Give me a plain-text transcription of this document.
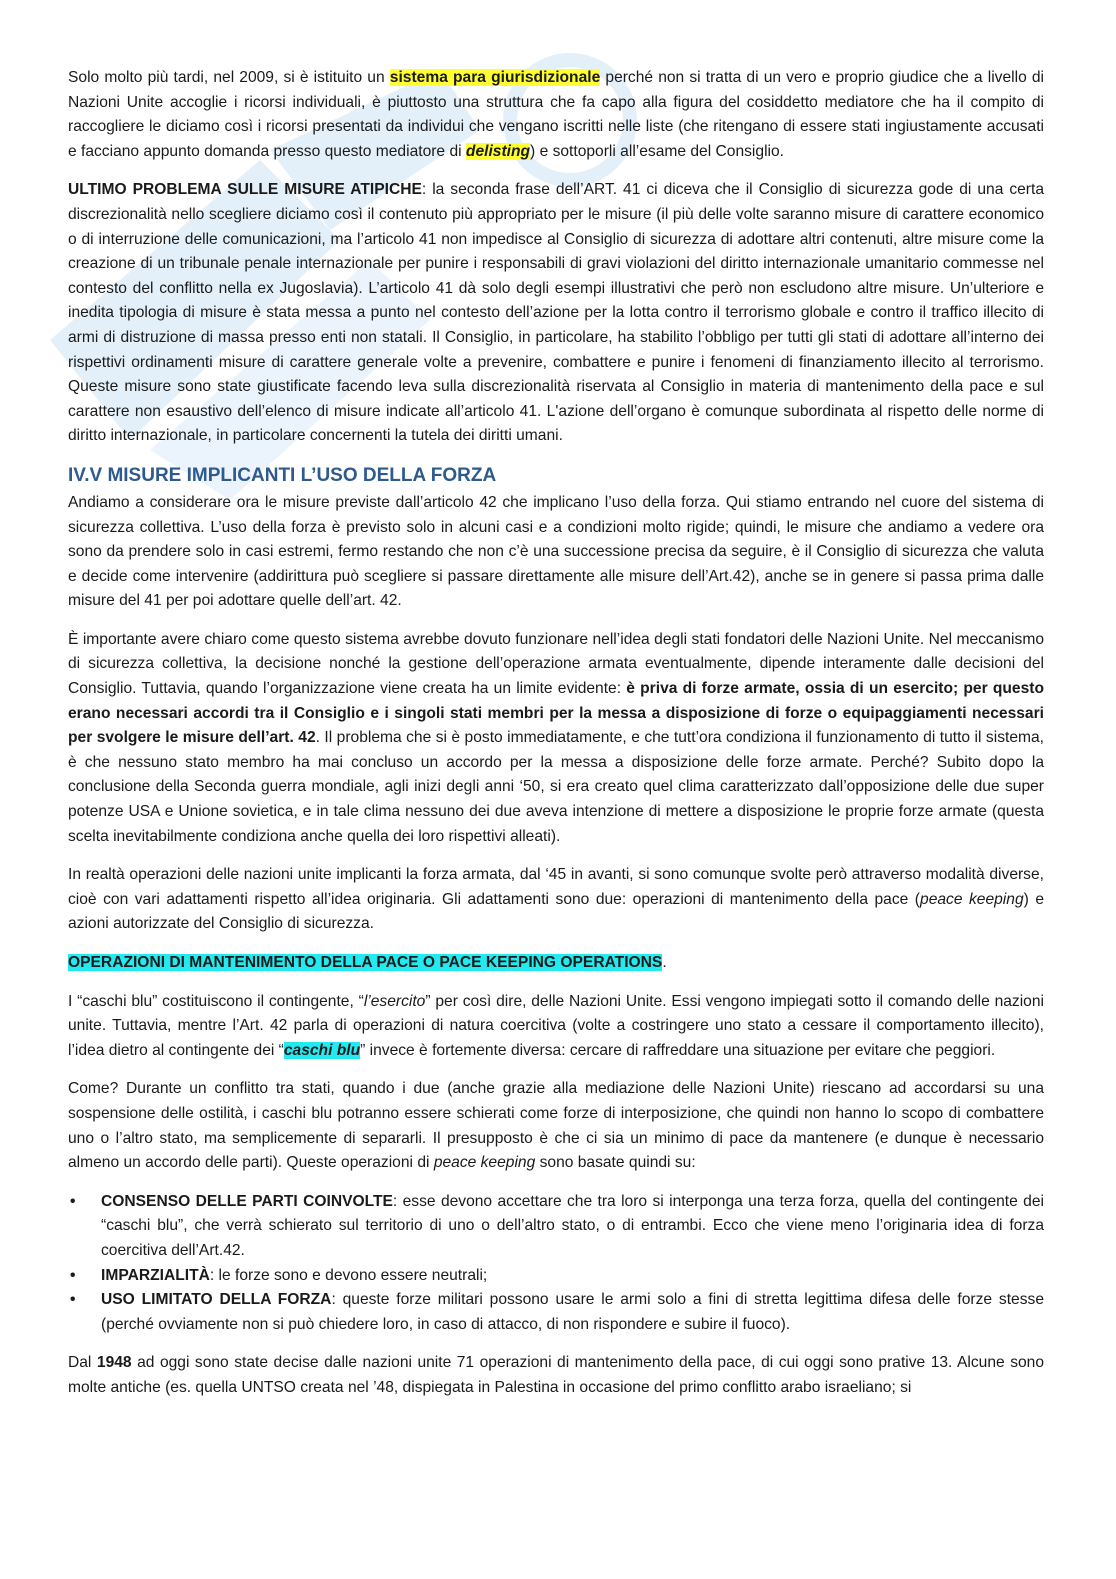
Solo molto più tardi, nel 2009, si è istituito un sistema para giurisdizionale perché non si tratta di un vero e proprio giudice che a livello di Nazioni Unite accoglie i ricorsi individuali, è piuttosto una struttura che fa capo alla figura del cosiddetto mediatore che ha il compito di raccogliere le diciamo così i ricorsi presentati da individui che vengano iscritti nelle liste (che ritengano di essere stati ingiustamente accusati e facciano appunto domanda presso questo mediatore di delisting) e sottoporli all’esame del Consiglio.

ULTIMO PROBLEMA SULLE MISURE ATIPICHE: la seconda frase dell’ART. 41 ci diceva che il Consiglio di sicurezza gode di una certa discrezionalità nello scegliere diciamo così il contenuto più appropriato per le misure (il più delle volte saranno misure di carattere economico o di interruzione delle comunicazioni, ma l’articolo 41 non impedisce al Consiglio di sicurezza di adottare altri contenuti, altre misure come la creazione di un tribunale penale internazionale per punire i responsabili di gravi violazioni del diritto internazionale umanitario commesse nel contesto del conflitto nella ex Jugoslavia). L’articolo 41 dà solo degli esempi illustrativi che però non escludono altre misure. Un’ulteriore e inedita tipologia di misure è stata messa a punto nel contesto dell’azione per la lotta contro il terrorismo globale e contro il traffico illecito di armi di distruzione di massa presso enti non statali. Il Consiglio, in particolare, ha stabilito l’obbligo per tutti gli stati di adottare all’interno dei rispettivi ordinamenti misure di carattere generale volte a prevenire, combattere e punire i fenomeni di finanziamento illecito al terrorismo. Queste misure sono state giustificate facendo leva sulla discrezionalità riservata al Consiglio in materia di mantenimento della pace e sul carattere non esaustivo dell’elenco di misure indicate all’articolo 41. L'azione dell’organo è comunque subordinata al rispetto delle norme di diritto internazionale, in particolare concernenti la tutela dei diritti umani.

IV.V MISURE IMPLICANTI L’USO DELLA FORZA

Andiamo a considerare ora le misure previste dall’articolo 42 che implicano l’uso della forza. Qui stiamo entrando nel cuore del sistema di sicurezza collettiva. L’uso della forza è previsto solo in alcuni casi e a condizioni molto rigide; quindi, le misure che andiamo a vedere ora sono da prendere solo in casi estremi, fermo restando che non c’è una successione precisa da seguire, è il Consiglio di sicurezza che valuta e decide come intervenire (addirittura può scegliere si passare direttamente alle misure dell’Art.42), anche se in genere si passa prima dalle misure del 41 per poi adottare quelle dell’art. 42.

È importante avere chiaro come questo sistema avrebbe dovuto funzionare nell’idea degli stati fondatori delle Nazioni Unite. Nel meccanismo di sicurezza collettiva, la decisione nonché la gestione dell’operazione armata eventualmente, dipende interamente dalle decisioni del Consiglio. Tuttavia, quando l’organizzazione viene creata ha un limite evidente: è priva di forze armate, ossia di un esercito; per questo erano necessari accordi tra il Consiglio e i singoli stati membri per la messa a disposizione di forze o equipaggiamenti necessari per svolgere le misure dell’art. 42. Il problema che si è posto immediatamente, e che tutt’ora condiziona il funzionamento di tutto il sistema, è che nessuno stato membro ha mai concluso un accordo per la messa a disposizione delle forze armate. Perché? Subito dopo la conclusione della Seconda guerra mondiale, agli inizi degli anni ‘50, si era creato quel clima caratterizzato dall’opposizione delle due super potenze USA e Unione sovietica, e in tale clima nessuno dei due aveva intenzione di mettere a disposizione le proprie forze armate (questa scelta inevitabilmente condiziona anche quella dei loro rispettivi alleati).

In realtà operazioni delle nazioni unite implicanti la forza armata, dal ‘45 in avanti, si sono comunque svolte però attraverso modalità diverse, cioè con vari adattamenti rispetto all’idea originaria. Gli adattamenti sono due: operazioni di mantenimento della pace (peace keeping) e azioni autorizzate del Consiglio di sicurezza.

OPERAZIONI DI MANTENIMENTO DELLA PACE O PACE KEEPING OPERATIONS.

I “caschi blu” costituiscono il contingente, “l’esercito” per così dire, delle Nazioni Unite. Essi vengono impiegati sotto il comando delle nazioni unite. Tuttavia, mentre l’Art. 42 parla di operazioni di natura coercitiva (volte a costringere uno stato a cessare il comportamento illecito), l’idea dietro al contingente dei “caschi blu” invece è fortemente diversa: cercare di raffreddare una situazione per evitare che peggiori.

Come? Durante un conflitto tra stati, quando i due (anche grazie alla mediazione delle Nazioni Unite) riescano ad accordarsi su una sospensione delle ostilità, i caschi blu potranno essere schierati come forze di interposizione, che quindi non hanno lo scopo di combattere uno o l’altro stato, ma semplicemente di separarli. Il presupposto è che ci sia un minimo di pace da mantenere (e dunque è necessario almeno un accordo delle parti). Queste operazioni di peace keeping sono basate quindi su:

• CONSENSO DELLE PARTI COINVOLTE: esse devono accettare che tra loro si interponga una terza forza, quella del contingente dei “caschi blu”, che verrà schierato sul territorio di uno o dell’altro stato, o di entrambi. Ecco che viene meno l’originaria idea di forza coercitiva dell’Art.42.
• IMPARZIALITÀ: le forze sono e devono essere neutrali;
• USO LIMITATO DELLA FORZA: queste forze militari possono usare le armi solo a fini di stretta legittima difesa delle forze stesse (perché ovviamente non si può chiedere loro, in caso di attacco, di non rispondere e subire il fuoco).

Dal 1948 ad oggi sono state decise dalle nazioni unite 71 operazioni di mantenimento della pace, di cui oggi sono prative 13. Alcune sono molte antiche (es. quella UNTSO creata nel ’48, dispiegata in Palestina in occasione del primo conflitto arabo israeliano; si
